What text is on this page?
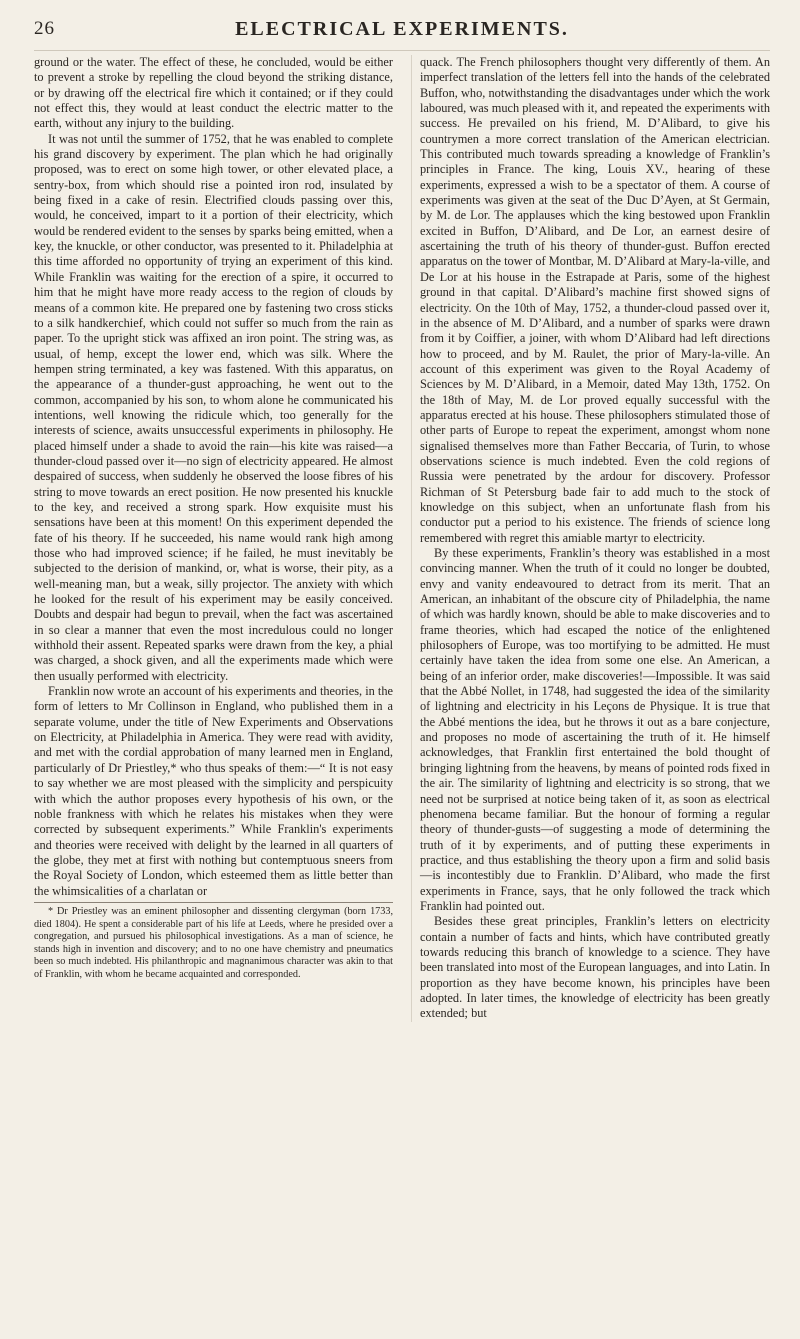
26	ELECTRICAL EXPERIMENTS.

ground or the water. The effect of these, he concluded, would be either to prevent a stroke by repelling the cloud beyond the striking distance, or by drawing off the electrical fire which it contained; or if they could not effect this, they would at least conduct the electric matter to the earth, without any injury to the building.

It was not until the summer of 1752, that he was enabled to complete his grand discovery by experiment. The plan which he had originally proposed, was to erect on some high tower, or other elevated place, a sentry-box, from which should rise a pointed iron rod, insulated by being fixed in a cake of resin. Electrified clouds passing over this, would, he conceived, impart to it a portion of their electricity, which would be rendered evident to the senses by sparks being emitted, when a key, the knuckle, or other conductor, was presented to it. Philadelphia at this time afforded no opportunity of trying an experiment of this kind. While Franklin was waiting for the erection of a spire, it occurred to him that he might have more ready access to the region of clouds by means of a common kite. He prepared one by fastening two cross sticks to a silk handkerchief, which could not suffer so much from the rain as paper. To the upright stick was affixed an iron point. The string was, as usual, of hemp, except the lower end, which was silk. Where the hempen string terminated, a key was fastened. With this apparatus, on the appearance of a thunder-gust approaching, he went out to the common, accompanied by his son, to whom alone he communicated his intentions, well knowing the ridicule which, too generally for the interests of science, awaits unsuccessful experiments in philosophy. He placed himself under a shade to avoid the rain—his kite was raised—a thunder-cloud passed over it—no sign of electricity appeared. He almost despaired of success, when suddenly he observed the loose fibres of his string to move towards an erect position. He now presented his knuckle to the key, and received a strong spark. How exquisite must his sensations have been at this moment! On this experiment depended the fate of his theory. If he succeeded, his name would rank high among those who had improved science; if he failed, he must inevitably be subjected to the derision of mankind, or, what is worse, their pity, as a well-meaning man, but a weak, silly projector. The anxiety with which he looked for the result of his experiment may be easily conceived. Doubts and despair had begun to prevail, when the fact was ascertained in so clear a manner that even the most incredulous could no longer withhold their assent. Repeated sparks were drawn from the key, a phial was charged, a shock given, and all the experiments made which were then usually performed with electricity.

Franklin now wrote an account of his experiments and theories, in the form of letters to Mr Collinson in England, who published them in a separate volume, under the title of New Experiments and Observations on Electricity, at Philadelphia in America. They were read with avidity, and met with the cordial approbation of many learned men in England, particularly of Dr Priestley,* who thus speaks of them:—“ It is not easy to say whether we are most pleased with the simplicity and perspicuity with which the author proposes every hypothesis of his own, or the noble frankness with which he relates his mistakes when they were corrected by subsequent experiments.” While Franklin's experiments and theories were received with delight by the learned in all quarters of the globe, they met at first with nothing but contemptuous sneers from the Royal Society of London, which esteemed them as little better than the whimsicalities of a charlatan or

* Dr Priestley was an eminent philosopher and dissenting clergyman (born 1733, died 1804). He spent a considerable part of his life at Leeds, where he presided over a congregation, and pursued his philosophical investigations. As a man of science, he stands high in invention and discovery; and to no one have chemistry and pneumatics been so much indebted. His philanthropic and magnanimous character was akin to that of Franklin, with whom he became acquainted and corresponded.

quack. The French philosophers thought very differently of them. An imperfect translation of the letters fell into the hands of the celebrated Buffon, who, notwithstanding the disadvantages under which the work laboured, was much pleased with it, and repeated the experiments with success. He prevailed on his friend, M. D’Alibard, to give his countrymen a more correct translation of the American electrician. This contributed much towards spreading a knowledge of Franklin’s principles in France. The king, Louis XV., hearing of these experiments, expressed a wish to be a spectator of them. A course of experiments was given at the seat of the Duc D’Ayen, at St Germain, by M. de Lor. The applauses which the king bestowed upon Franklin excited in Buffon, D’Alibard, and De Lor, an earnest desire of ascertaining the truth of his theory of thunder-gust. Buffon erected apparatus on the tower of Montbar, M. D’Alibard at Mary-la-ville, and De Lor at his house in the Estrapade at Paris, some of the highest ground in that capital. D’Alibard’s machine first showed signs of electricity. On the 10th of May, 1752, a thunder-cloud passed over it, in the absence of M. D’Alibard, and a number of sparks were drawn from it by Coiffier, a joiner, with whom D’Alibard had left directions how to proceed, and by M. Raulet, the prior of Mary-la-ville. An account of this experiment was given to the Royal Academy of Sciences by M. D’Alibard, in a Memoir, dated May 13th, 1752. On the 18th of May, M. de Lor proved equally successful with the apparatus erected at his house. These philosophers stimulated those of other parts of Europe to repeat the experiment, amongst whom none signalised themselves more than Father Beccaria, of Turin, to whose observations science is much indebted. Even the cold regions of Russia were penetrated by the ardour for discovery. Professor Richman of St Petersburg bade fair to add much to the stock of knowledge on this subject, when an unfortunate flash from his conductor put a period to his existence. The friends of science long remembered with regret this amiable martyr to electricity.

By these experiments, Franklin’s theory was established in a most convincing manner. When the truth of it could no longer be doubted, envy and vanity endeavoured to detract from its merit. That an American, an inhabitant of the obscure city of Philadelphia, the name of which was hardly known, should be able to make discoveries and to frame theories, which had escaped the notice of the enlightened philosophers of Europe, was too mortifying to be admitted. He must certainly have taken the idea from some one else. An American, a being of an inferior order, make discoveries!—Impossible. It was said that the Abbé Nollet, in 1748, had suggested the idea of the similarity of lightning and electricity in his Leçons de Physique. It is true that the Abbé mentions the idea, but he throws it out as a bare conjecture, and proposes no mode of ascertaining the truth of it. He himself acknowledges, that Franklin first entertained the bold thought of bringing lightning from the heavens, by means of pointed rods fixed in the air. The similarity of lightning and electricity is so strong, that we need not be surprised at notice being taken of it, as soon as electrical phenomena became familiar. But the honour of forming a regular theory of thunder-gusts—of suggesting a mode of determining the truth of it by experiments, and of putting these experiments in practice, and thus establishing the theory upon a firm and solid basis—is incontestibly due to Franklin. D’Alibard, who made the first experiments in France, says, that he only followed the track which Franklin had pointed out.

Besides these great principles, Franklin’s letters on electricity contain a number of facts and hints, which have contributed greatly towards reducing this branch of knowledge to a science. They have been translated into most of the European languages, and into Latin. In proportion as they have become known, his principles have been adopted. In later times, the knowledge of electricity has been greatly extended; but
